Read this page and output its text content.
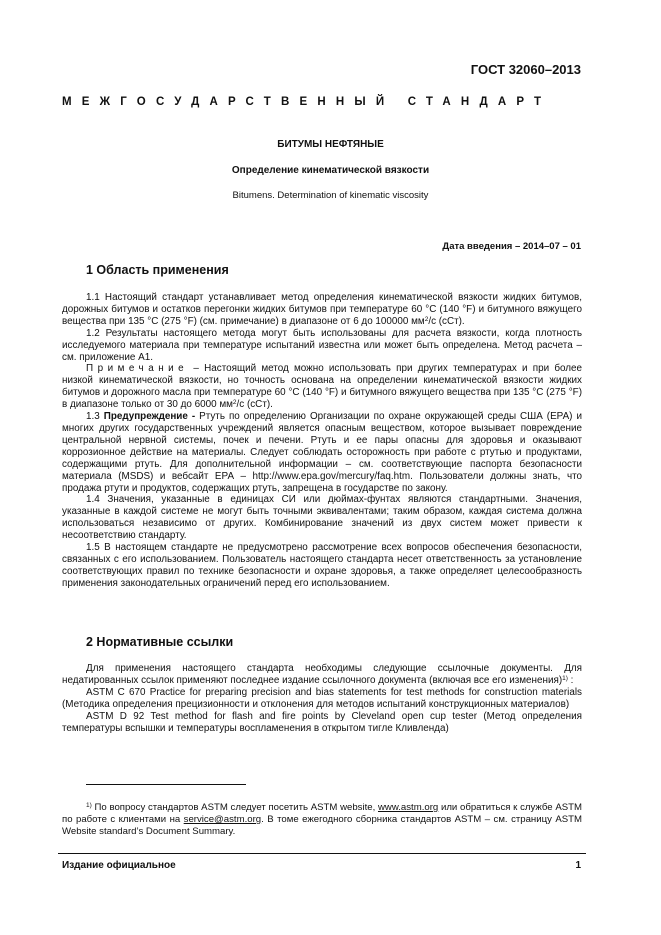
ГОСТ 32060–2013
МЕЖГОСУДАРСТВЕННЫЙ СТАНДАРТ
БИТУМЫ НЕФТЯНЫЕ
Определение кинематической вязкости
Bitumens. Determination of kinematic viscosity
Дата введения – 2014–07 – 01
1 Область применения

1.1 Настоящий стандарт устанавливает метод определения кинематической вязкости жидких битумов, дорожных битумов и остатков перегонки жидких битумов при температуре 60 °С (140 °F) и битумного вяжущего вещества при 135 °С (275 °F) (см. примечание) в диапазоне от 6 до 100000 $мм^2/с$ (сСт).

1.2 Результаты настоящего метода могут быть использованы для расчета вязкости, когда плотность исследуемого материала при температуре испытаний известна или может быть определена. Метод расчета – см. приложение А1.

Примечание – Настоящий метод можно использовать при других температурах и при более низкой кинематической вязкости, но точность основана на определении кинематической вязкости жидких битумов и дорожного масла при температуре 60 °С (140 °F) и битумного вяжущего вещества при 135 °С (275 °F) в диапазоне только от 30 до 6000 $мм^2/с$ (сСт).

1.3 Предупреждение - Ртуть по определению Организации по охране окружающей среды США (ЕРА) и многих других государственных учреждений является опасным веществом, которое вызывает повреждение центральной нервной системы, почек и печени. Ртуть и ее пары опасны для здоровья и оказывают коррозионное действие на материалы. Следует соблюдать осторожность при работе с ртутью и продуктами, содержащими ртуть. Для дополнительной информации – см. соответствующие паспорта безопасности материала (MSDS) и вебсайт ЕРА – http://www.epa.gov/mercury/faq.htm. Пользователи должны знать, что продажа ртути и продуктов, содержащих ртуть, запрещена в государстве по закону.

1.4 Значения, указанные в единицах СИ или дюймах-фунтах являются стандартными. Значения, указанные в каждой системе не могут быть точными эквивалентами; таким образом, каждая система должна использоваться независимо от других. Комбинирование значений из двух систем может привести к несоответствию стандарту.

1.5 В настоящем стандарте не предусмотрено рассмотрение всех вопросов обеспечения безопасности, связанных с его использованием. Пользователь настоящего стандарта несет ответственность за установление соответствующих правил по технике безопасности и охране здоровья, а также определяет целесообразность применения законодательных ограничений перед его использованием.

2 Нормативные ссылки

Для применения настоящего стандарта необходимы следующие ссылочные документы. Для недатированных ссылок применяют последнее издание ссылочного документа (включая все его изменения)$^{1)}$ :

ASTM С 670 Practice for preparing precision and bias statements for test methods for construction materials (Методика определения прецизионности и отклонения для методов испытаний конструкционных материалов)

ASTM D 92 Test method for flash and fire points by Cleveland open cup tester (Метод определения температуры вспышки и температуры воспламенения в открытом тигле Кливленда)

$^{1)}$ По вопросу стандартов ASTM следует посетить ASTM website, www.astm.org или обратиться к службе ASTM по работе с клиентами на service@astm.org. В томе ежегодного сборника стандартов ASTM – см. страницу ASTM Website standard’s Document Summary.

Издание официальное	1
